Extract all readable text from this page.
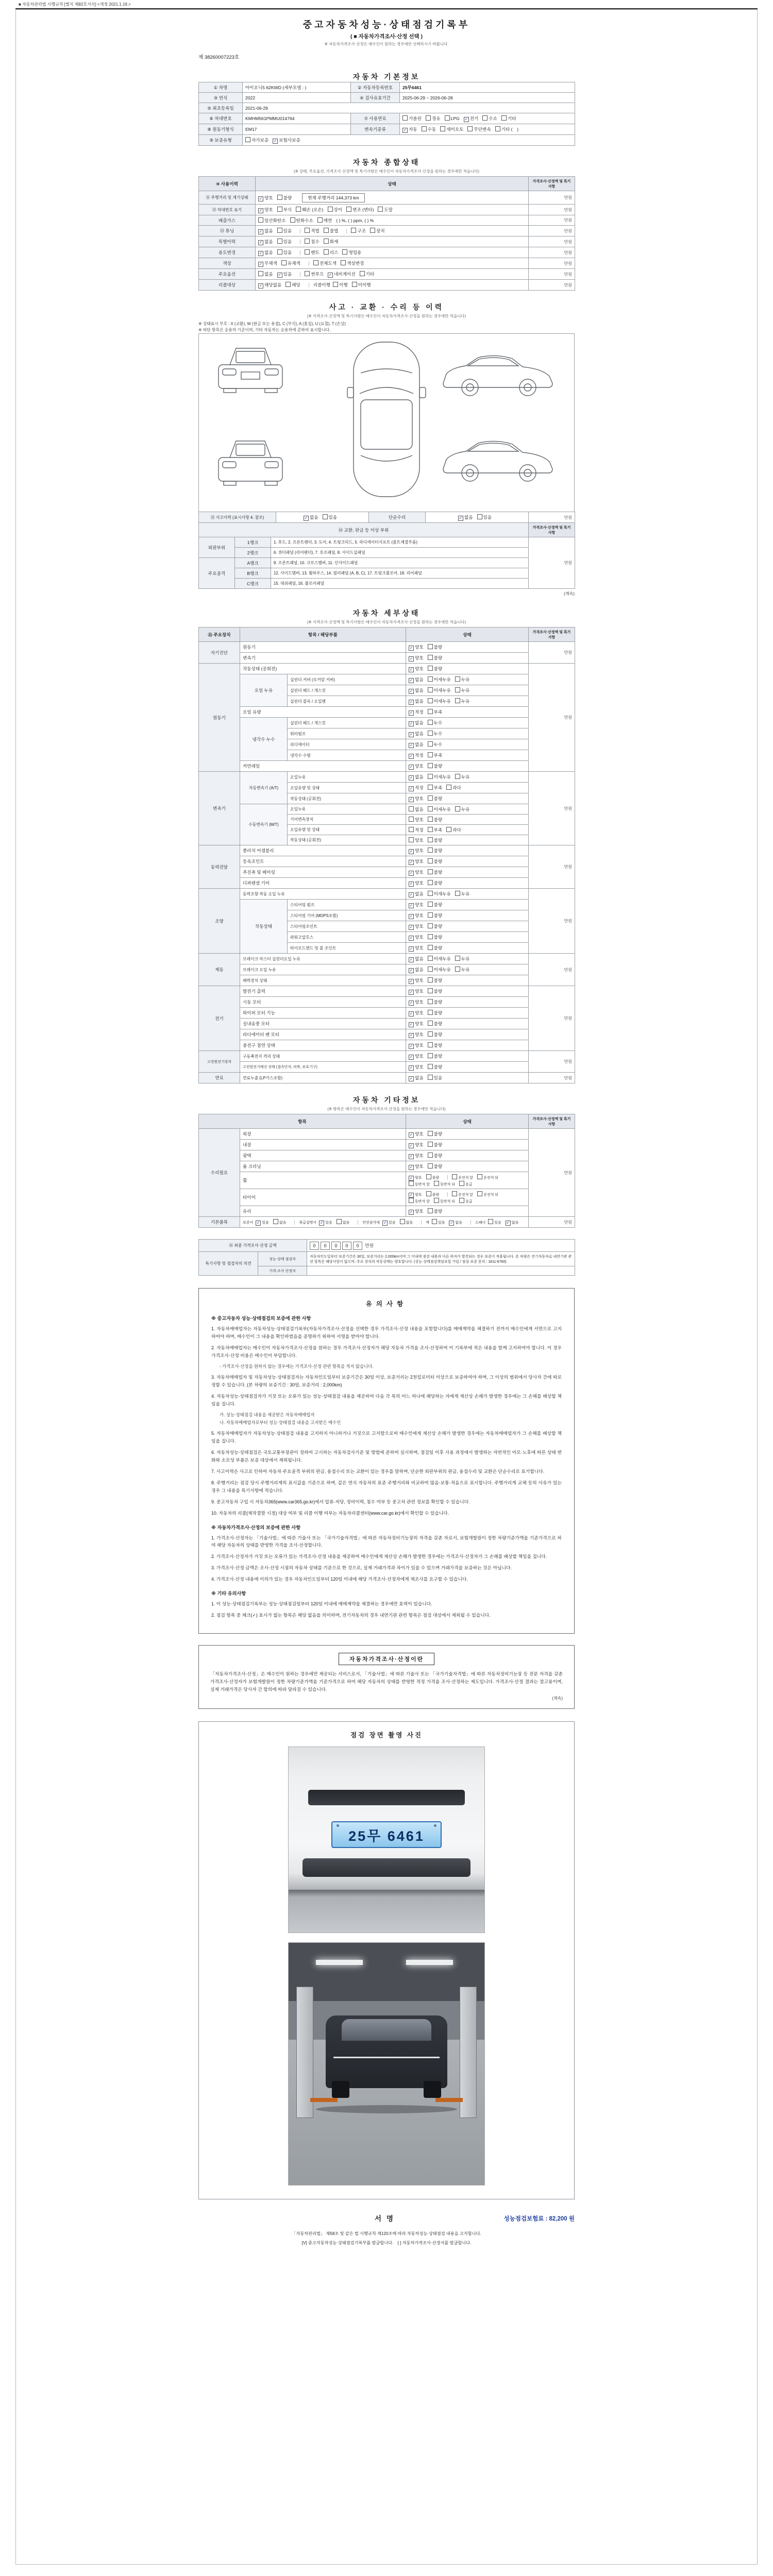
■ 자동차관리법 시행규칙 [별지 제82호서식] <개정 2021.1.19.>
중고자동차성능·상태점검기록부
( ■ 자동차가격조사·산정 선택 )
※ 자동차가격조사·산정은 매수인이 원하는 경우에만 선택하시기 바랍니다.
제 38260007223호
자동차 기본정보
① 차명	아이오닉5 62KWD (세부모델 : )	② 자동차등록번호	25무6461
③ 연식	2022	④ 검사유효기간	2025-06-29 ~ 2026-06-28
⑤ 최초등록일	2021-06-29		
⑥ 차대번호	KMHM561PMMU014764	⑦ 사용연료	가솔린 경유 LPG ✓ 전기 수소 기타
⑧ 원동기형식	EM17	변속기종류	✓ 자동 수동 세미오토 무단변속 기타 (　)
⑨ 보증유형	자가보증 ✓ 보험사보증		
자동차 종합상태
(※ 상태, 주요옵션, 가격조사·산정액 및 특기사항은 매수인이 자동차가격조사·산정을 원하는 경우에만 적습니다)
⑩ 사용이력	상태	가격조사·산정액 및 특기사항
⑪ 주행거리 및 계기상태	✓ 양호 불량 현재 주행거리 144,373 km	만원
⑫ 차대번호 표기	✓ 양호 부식 훼손 (오손) 상이 변조 (변타) 도말	만원
배출가스	일산화탄소 탄화수소 매연 ( ) %, ( ) ppm, ( ) %	만원
⑬ 튜닝	✓ 없음 있음 적법 불법 구조 장치	만원
특별이력	✓ 없음 있음 침수 화재	만원
용도변경	✓ 없음 있음 렌트 리스 영업용	만원
색상	✓ 무채색 유채색 전체도색 색상변경	만원
주요옵션	없음 ✓ 있음 썬루프 ✓ 네비게이션 기타	만원
리콜대상	✓ 해당없음 해당 리콜이행 이행 미이행	만원
사고 · 교환 · 수리 등 이력
(※ 가격조사·산정액 및 특기사항은 매수인이 자동차가격조사·산정을 원하는 경우에만 적습니다)
※ 상태표시 부호 : X (교환), W (판금 또는 용접), C (부식), A (흠집), U (요철), T (손상)
※ 하단 항목은 승용차 기준이며, 기타 자동차는 승용차에 준하여 표시합니다.
⑬ 사고이력 (표시사항 4. 참조)	✓ 없음 있음	단순수리	✓ 없음 있음	만원
⑭ 교환, 판금 등 이상 부위			가격조사·산정액 및 특기사항
외판부위	1랭크	1. 후드, 2. 프론트펜더, 3. 도어, 4. 트렁크리드, 5. 라디에이터서포트 (볼트체결부품)	만원
	2랭크	6. 쿼터패널 (리어펜더), 7. 루프패널, 8. 사이드실패널	
주요골격	A랭크	9. 프론트패널, 10. 크로스멤버, 11. 인사이드패널	
	B랭크	12. 사이드멤버, 13. 휠하우스, 14. 필러패널 (A, B, C), 17. 트렁크플로어, 18. 리어패널	
	C랭크	15. 대쉬패널, 16. 플로어패널	
(계속)
자동차 세부상태
(※ 가격조사·산정액 및 특기사항은 매수인이 자동차가격조사·산정을 원하는 경우에만 적습니다)
⑮ 주요장치	항목 / 해당부품		상태	가격조사·산정액 및 특기사항
자기진단	원동기		✓ 양호 불량	만원
	변속기		✓ 양호 불량	
원동기	작동상태 (공회전)		✓ 양호 불량	만원
	오일 누유	실린더 커버 (로커암 커버)	✓ 없음 미세누유 누유	
		실린더 헤드 / 개스킷	✓ 없음 미세누유 누유	
		실린더 블록 / 오일팬	✓ 없음 미세누유 누유	
	오일 유량		✓ 적정 부족	
	냉각수 누수	실린더 헤드 / 개스킷	✓ 없음 누수	
		워터펌프	✓ 없음 누수	
		라디에이터	✓ 없음 누수	
		냉각수 수량	✓ 적정 부족	
	커먼레일		✓ 양호 불량	
변속기	자동변속기 (A/T)	오일누유	✓ 없음 미세누유 누유	만원
		오일유량 및 상태	✓ 적정 부족 과다	
		작동상태 (공회전)	✓ 양호 불량	
	수동변속기 (M/T)	오일누유	없음 미세누유 누유	
		기어변속장치	양호 불량	
		오일유량 및 상태	적정 부족 과다	
		작동상태 (공회전)	양호 불량	
동력전달	클러치 어셈블리		✓ 양호 불량	만원
	등속조인트		✓ 양호 불량	
	추진축 및 베어링		✓ 양호 불량	
	디퍼렌셜 기어		✓ 양호 불량	
조향	동력조향 작동 오일 누유		✓ 없음 미세누유 누유	만원
	작동상태	스티어링 펌프	✓ 양호 불량	
		스티어링 기어 (MDPS포함)	✓ 양호 불량	
		스티어링조인트	✓ 양호 불량	
		파워고압호스	✓ 양호 불량	
		타이로드엔드 및 볼 조인트	✓ 양호 불량	
제동	브레이크 마스터 실린더오일 누유		✓ 없음 미세누유 누유	만원
	브레이크 오일 누유		✓ 없음 미세누유 누유	
	배력장치 상태		✓ 양호 불량	
전기	발전기 출력		✓ 양호 불량	만원
	시동 모터		✓ 양호 불량	
	와이퍼 모터 기능		✓ 양호 불량	
	실내송풍 모터		✓ 양호 불량	
	라디에이터 팬 모터		✓ 양호 불량	
	충전구 절연 상태		✓ 양호 불량	
고전원전기장치	구동축전지 격리 상태		✓ 양호 불량	만원
	고전원전기배선 상태 (접속단자, 피복, 보호기구)		✓ 양호 불량	
연료	연료누출 (LP가스포함)		✓ 없음 있음	만원
자동차 기타정보
(※ 항목은 매수인이 자동차가격조사·산정을 원하는 경우에만 적습니다)
항목		상태	가격조사·산정액 및 특기사항
수리필요	외장	✓ 양호 불량	만원
	내장	✓ 양호 불량	
	광택	✓ 양호 불량	
	룸 크리닝	✓ 양호 불량	
	휠	✓ 양호 불량 운전석 앞 운전석 뒤동반석 앞 동반석 뒤 응급	
	타이어	✓ 양호 불량 운전석 앞 운전석 뒤동반석 앞 동반석 뒤 응급	
	유리	✓ 양호 불량	
기본품목	보증서 ✓ 있음 없음 취급설명서 ✓ 있음 없음 안전삼각대 ✓ 있음 없음 잭 있음 ✓ 없음 스패너 있음 ✓ 없음		만원
⑯ 최종 가격조사·산정 금액		0 0 0 0 0 만원
특기사항 및 점검자의 의견	성능·상태 점검자	자동차인도일부터 보증기간은 30일, 보증거리는 2,000km이며 그 이내에 점검 내용과 다른 하자가 발견되는 경우 보증이 적용됩니다. 본 차량은 전기자동차로 내연기관 관련 항목은 해당사항이 없으며, 주요 장치의 작동상태는 양호합니다. (성능·상태점검책임보험 가입 / 점검·보증 문의 : 1811-6760)
	가격·조사 산정자	
유의사항
※ 중고자동차 성능·상태점검의 보증에 관한 사항
1. 자동차매매업자는 자동차성능·상태점검기록부(자동차가격조사·산정을 선택한 경우 가격조사·산정 내용을 포함합니다)를 매매계약을 체결하기 전까지 매수인에게 서면으로 고지하여야 하며, 매수인이 그 내용을 확인하였음을 증명하기 위하여 서명을 받아야 합니다.
2. 자동차매매업자는 매수인이 자동차가격조사·산정을 원하는 경우 가격조사·산정자가 해당 자동차 가격을 조사·산정하여 이 기록부에 적은 내용을 함께 고지하여야 합니다. 이 경우 가격조사·산정 비용은 매수인이 부담합니다.
- 가격조사·산정을 원하지 않는 경우에는 가격조사·산정 관련 항목을 적지 않습니다.
3. 자동차매매업자 및 자동차성능·상태점검자는 자동차인도일부터 보증기간은 30일 이상, 보증거리는 2천킬로미터 이상으로 보증하여야 하며, 그 이상의 범위에서 당사자 간에 따로 정할 수 있습니다. (본 차량의 보증기간 : 30일, 보증거리 : 2,000km)
4. 자동차성능·상태점검자가 거짓 또는 오류가 있는 성능·상태점검 내용을 제공하여 다음 각 목의 어느 하나에 해당하는 자에게 재산상 손해가 발생한 경우에는 그 손해를 배상할 책임을 집니다.
가. 성능·상태점검 내용을 제공받은 자동차매매업자
나. 자동차매매업자로부터 성능·상태점검 내용을 고지받은 매수인
5. 자동차매매업자가 자동차성능·상태점검 내용을 고지하지 아니하거나 거짓으로 고지함으로써 매수인에게 재산상 손해가 발생한 경우에는 자동차매매업자가 그 손해를 배상할 책임을 집니다.
6. 자동차성능·상태점검은 국토교통부장관이 정하여 고시하는 자동차검사기준 및 방법에 준하여 실시하며, 점검일 이후 사용 과정에서 발생하는 자연적인 마모·노후에 따른 상태 변화와 소모성 부품은 보증 대상에서 제외됩니다.
7. 사고이력은 사고로 인하여 자동차 주요골격 부위의 판금, 용접수리 또는 교환이 있는 경우를 말하며, 단순한 외판부위의 판금, 용접수리 및 교환은 단순수리로 표기합니다.
8. 주행거리는 점검 당시 주행거리계의 표시값을 기준으로 하며, 같은 연식 자동차의 표준 주행거리와 비교하여 많음·보통·적음으로 표시합니다. 주행거리계 교체 등의 사유가 있는 경우 그 내용을 특기사항에 적습니다.
9. 중고자동차 구입 시 자동차365(www.car365.go.kr)에서 압류·저당, 정비이력, 침수 여부 등 중고차 관련 정보를 확인할 수 있습니다.
10. 자동차의 리콜(제작결함 시정) 대상 여부 및 리콜 이행 여부는 자동차리콜센터(www.car.go.kr)에서 확인할 수 있습니다.
※ 자동차가격조사·산정의 보증에 관한 사항
1. 가격조사·산정자는 「기술사법」에 따른 기술사 또는 「국가기술자격법」에 따른 자동차정비기능장의 자격을 갖춘 자로서, 보험개발원이 정한 차량기준가액을 기준가격으로 하여 해당 자동차의 상태를 반영한 가격을 조사·산정합니다.
2. 가격조사·산정자가 거짓 또는 오류가 있는 가격조사·산정 내용을 제공하여 매수인에게 재산상 손해가 발생한 경우에는 가격조사·산정자가 그 손해를 배상할 책임을 집니다.
3. 가격조사·산정 금액은 조사·산정 시점의 자동차 상태를 기준으로 한 것으로, 실제 거래가격과 차이가 있을 수 있으며 거래가격을 보증하는 것은 아닙니다.
4. 가격조사·산정 내용에 이의가 있는 경우 자동차인도일부터 120일 이내에 해당 가격조사·산정자에게 재조사를 요구할 수 있습니다.
※ 기타 유의사항
1. 이 성능·상태점검기록부는 성능·상태점검일부터 120일 이내에 매매계약을 체결하는 경우에만 효력이 있습니다.
2. 점검 항목 중 체크(✓) 표시가 없는 항목은 해당 없음을 의미하며, 전기자동차의 경우 내연기관 관련 항목은 점검 대상에서 제외될 수 있습니다.
자동차가격조사·산정이란
「자동차가격조사·산정」은 매수인이 원하는 경우에만 제공되는 서비스로서, 「기술사법」에 따른 기술사 또는 「국가기술자격법」에 따른 자동차정비기능장 등 전문 자격을 갖춘 가격조사·산정자가 보험개발원이 정한 차량기준가액을 기준가격으로 하여 해당 자동차의 상태를 반영한 적정 가격을 조사·산정하는 제도입니다. 가격조사·산정 결과는 참고용이며, 실제 거래가격은 당사자 간 합의에 따라 달라질 수 있습니다.
(계속)
점검 장면 촬영 사진
25무 6461
서명	성능점검보험료 : 82,200 원
「자동차관리법」 제58조 및 같은 법 시행규칙 제120조에 따라 자동차성능·상태점검 내용을 고지합니다.
[V] 중고자동차성능·상태점검기록부를 발급합니다.　[ ] 자동차가격조사·산정서를 발급합니다.
